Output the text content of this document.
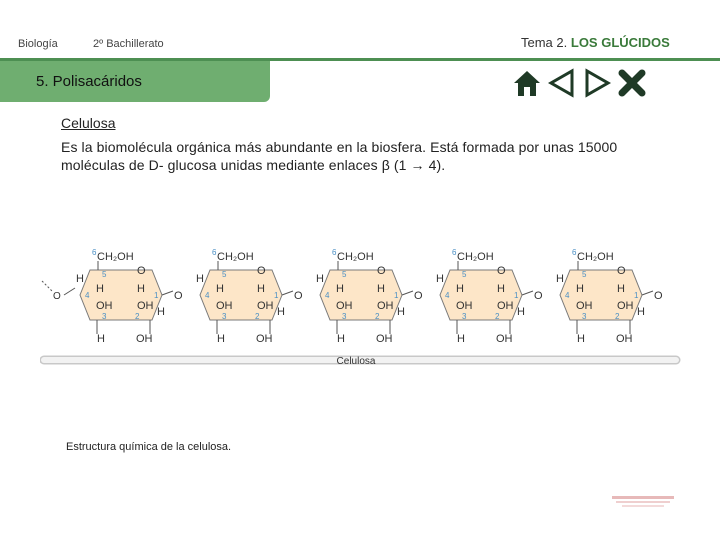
Biología	2º Bachillerato	Tema 2. LOS GLÚCIDOS
5. Polisacáridos
Celulosa
Es la biomolécula orgánica más abundante en la biosfera. Está formada por unas 15000 moléculas de D- glucosa unidas mediante enlaces β (1 → 4).
O
6 CH₂OH
O
H 5
H
4
OH OH
1
H
3	2
H
H	OH
O
6 CH₂OH
O
H 5
H
4
OH OH
1
H
3	2
H
H	OH
O
6 CH₂OH
O
H 5
H
4
OH OH
1
H
3	2
H
H	OH
O
6 CH₂OH
O
H 5
H
4
OH OH
1
H
3	2
H
H	OH
O
6 CH₂OH
O
H 5
H
4
OH OH
1
H
3	2
H
H	OH
O
Celulosa
Estructura química de la celulosa.
